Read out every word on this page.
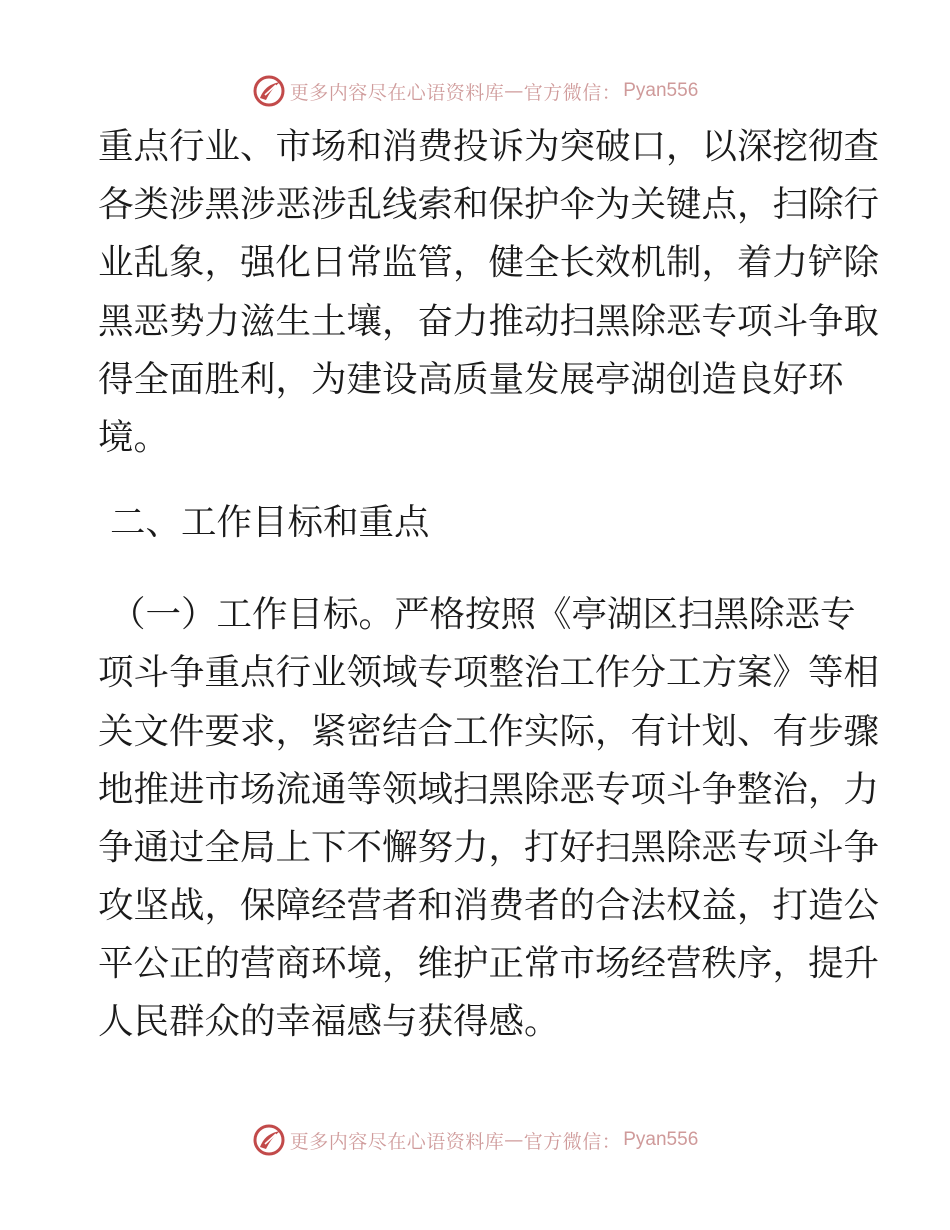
更多内容尽在心语资料库 — 官方微信： Pyan556
重点行业、市场和消费投诉为突破口，以深挖彻查
各类涉黑涉恶涉乱线索和保护伞为关键点，扫除行
业乱象，强化日常监管，健全长效机制，着力铲除
黑恶势力滋生土壤，奋力推动扫黑除恶专项斗争取
得全面胜利，为建设高质量发展亭湖创造良好环
境。
二、工作目标和重点
（一）工作目标。严格按照《亭湖区扫黑除恶专
项斗争重点行业领域专项整治工作分工方案》等相
关文件要求，紧密结合工作实际，有计划、有步骤
地推进市场流通等领域扫黑除恶专项斗争整治，力
争通过全局上下不懈努力，打好扫黑除恶专项斗争
攻坚战，保障经营者和消费者的合法权益，打造公
平公正的营商环境，维护正常市场经营秩序，提升
人民群众的幸福感与获得感。
更多内容尽在心语资料库 — 官方微信： Pyan556
